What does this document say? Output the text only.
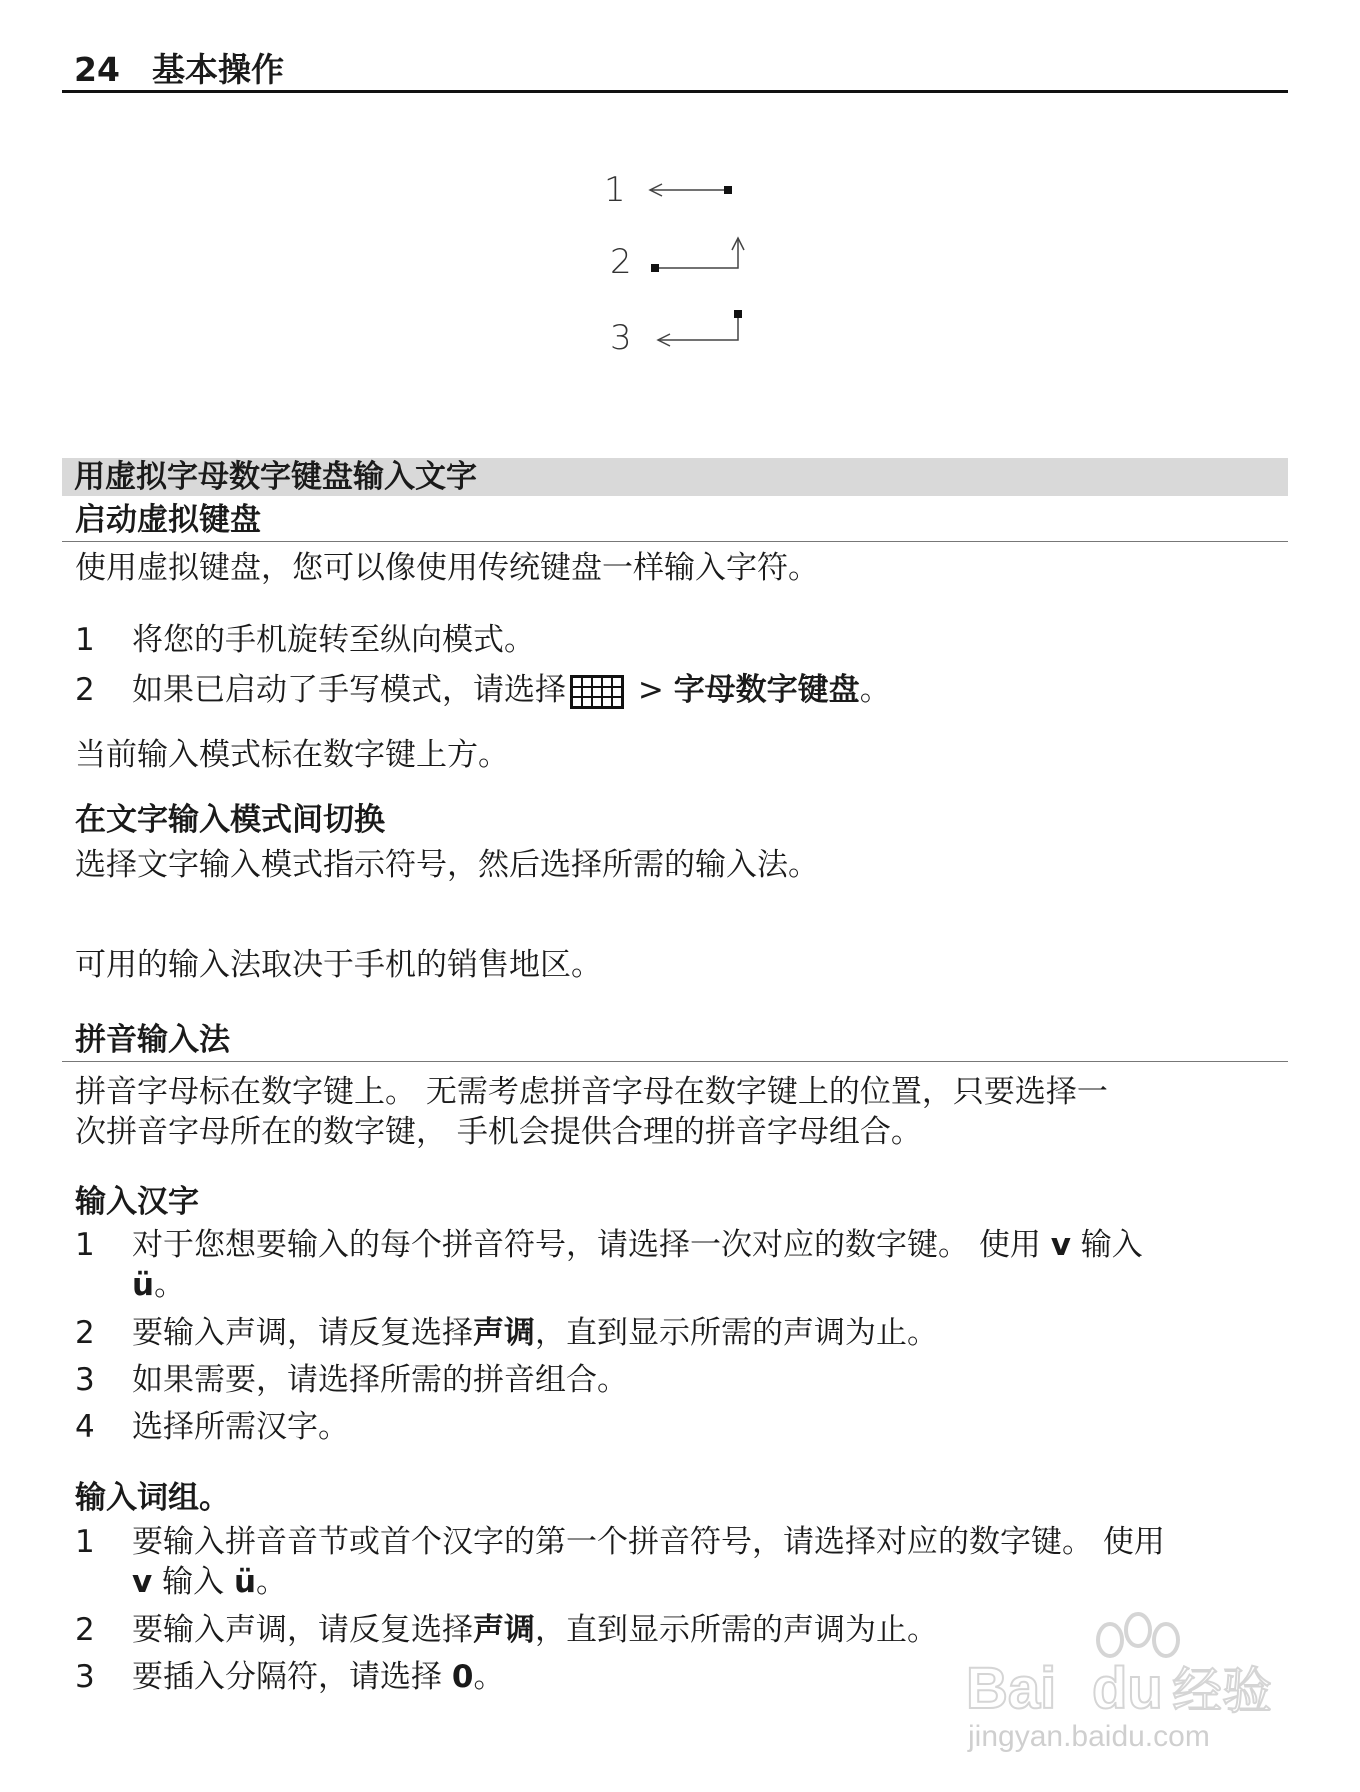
24 基本操作
1
2
3
用虚拟字母数字键盘输入文字
启动虚拟键盘
使用虚拟键盘，您可以像使用传统键盘一样输入字符。
1	将您的手机旋转至纵向模式。
2	如果已启动了手写模式，请选择 > 字母数字键盘。
当前输入模式标在数字键上方。
在文字输入模式间切换
选择文字输入模式指示符号，然后选择所需的输入法。
可用的输入法取决于手机的销售地区。
拼音输入法
拼音字母标在数字键上。 无需考虑拼音字母在数字键上的位置，只要选择一
次拼音字母所在的数字键， 手机会提供合理的拼音字母组合。
输入汉字
1	对于您想要输入的每个拼音符号，请选择一次对应的数字键。 使用 v 输入
ü。
2	要输入声调，请反复选择声调，直到显示所需的声调为止。
3	如果需要，请选择所需的拼音组合。
4	选择所需汉字。
输入词组。
1	要输入拼音音节或首个汉字的第一个拼音符号，请选择对应的数字键。 使用
v 输入 ü。
2	要输入声调，请反复选择声调，直到显示所需的声调为止。
3	要插入分隔符，请选择 0。	Bai du 经验
jingyan.baidu.com
